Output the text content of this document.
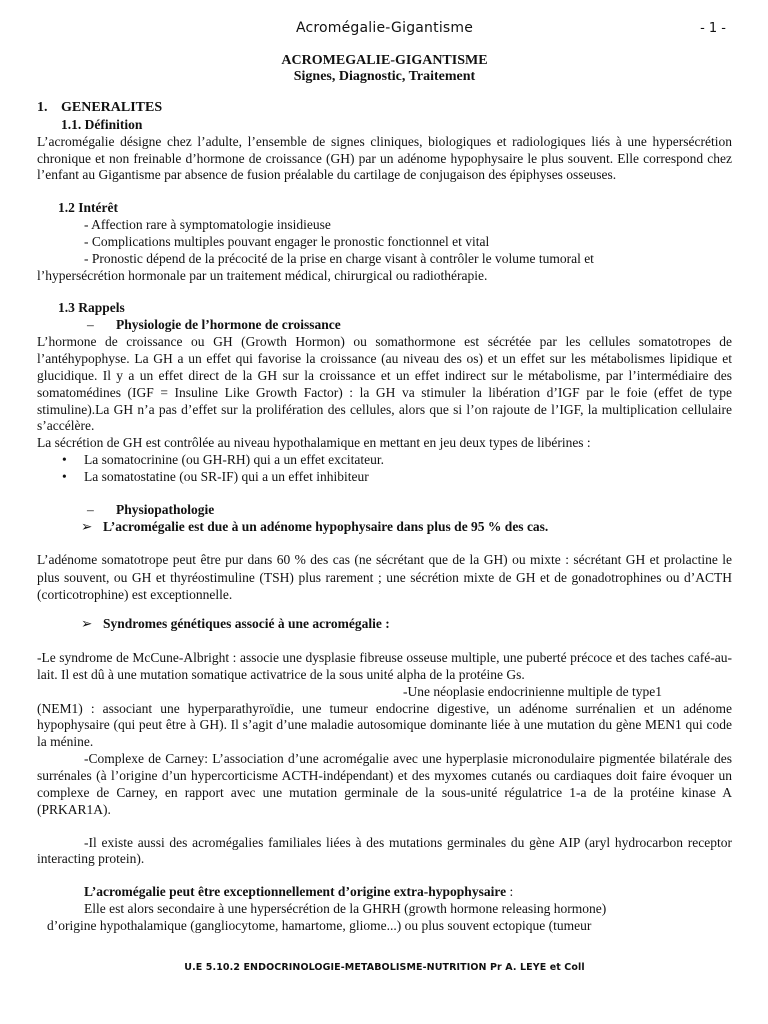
Acromégalie-Gigantisme	- 1 -
ACROMEGALIE-GIGANTISME
Signes, Diagnostic, Traitement
1. GENERALITES
1.1. Définition

L’acromégalie désigne chez l’adulte, l’ensemble de signes cliniques, biologiques et radiologiques liés à une hypersécrétion chronique et non freinable d’hormone de croissance (GH) par un adénome hypophysaire le plus souvent. Elle correspond chez l’enfant au Gigantisme par absence de fusion préalable du cartilage de conjugaison des épiphyses osseuses.

1.2 Intérêt
- Affection rare à symptomatologie insidieuse
- Complications multiples pouvant engager le pronostic fonctionnel et vital
- Pronostic dépend de la précocité de la prise en charge visant à contrôler le volume tumoral et

l’hypersécrétion hormonale par un traitement médical, chirurgical ou radiothérapie.

1.3 Rappels
– Physiologie de l’hormone de croissance

L’hormone de croissance ou GH (Growth Hormon) ou somathormone est sécrétée par les cellules somatotropes de l’antéhypophyse. La GH a un effet qui favorise la croissance (au niveau des os) et un effet sur les métabolismes lipidique et glucidique. Il y a un effet direct de la GH sur la croissance et un effet indirect sur le métabolisme, par l’intermédiaire des somatomédines (IGF = Insuline Like Growth Factor) : la GH va stimuler la libération d’IGF par le foie (effet de type stimuline).La GH n’a pas d’effet sur la prolifération des cellules, alors que si l’on rajoute de l’IGF, la multiplication cellulaire s’accélère.

La sécrétion de GH est contrôlée au niveau hypothalamique en mettant en jeu deux types de libérines :

•	La somatocrinine (ou GH-RH) qui a un effet excitateur.
•	La somatostatine (ou SR-IF) qui a un effet inhibiteur
– Physiopathologie
➢ L’acromégalie est due à un adénome hypophysaire dans plus de 95 % des cas.

L’adénome somatotrope peut être pur dans 60 % des cas (ne sécrétant que de la GH) ou mixte : sécrétant GH et prolactine le plus souvent, ou GH et thyréostimuline (TSH) plus rarement ; une sécrétion mixte de GH et de gonadotrophines ou d’ACTH (corticotrophine) est exceptionnelle.

➢ Syndromes génétiques associé à une acromégalie :

-Le syndrome de McCune-Albright : associe une dysplasie fibreuse osseuse multiple, une puberté précoce et des taches café-au-lait. Il est dû à une mutation somatique activatrice de la sous unité alpha de la protéine Gs.

-Une néoplasie endocrinienne multiple de type1

(NEM1) : associant une hyperparathyroïdie, une tumeur endocrine digestive, un adénome surrénalien et un adénome hypophysaire (qui peut être à GH). Il s’agit d’une maladie autosomique dominante liée à une mutation du gène MEN1 qui code la ménine.

-Complexe de Carney: L’association d’une acromégalie avec une hyperplasie micronodulaire pigmentée bilatérale des surrénales (à l’origine d’un hypercorticisme ACTH-indépendant) et des myxomes cutanés ou cardiaques doit faire évoquer un complexe de Carney, en rapport avec une mutation germinale de la sous-unité régulatrice 1-a de la protéine kinase A (PRKAR1A).

-Il existe aussi des acromégalies familiales liées à des mutations germinales du gène AIP (aryl hydrocarbon receptor interacting protein).

L’acromégalie peut être exceptionnellement d’origine extra-hypophysaire :
Elle est alors secondaire à une hypersécrétion de la GHRH (growth hormone releasing hormone)
d’origine hypothalamique (gangliocytome, hamartome, gliome...) ou plus souvent ectopique (tumeur
U.E 5.10.2 ENDOCRINOLOGIE-METABOLISME-NUTRITION Pr A. LEYE et Coll
